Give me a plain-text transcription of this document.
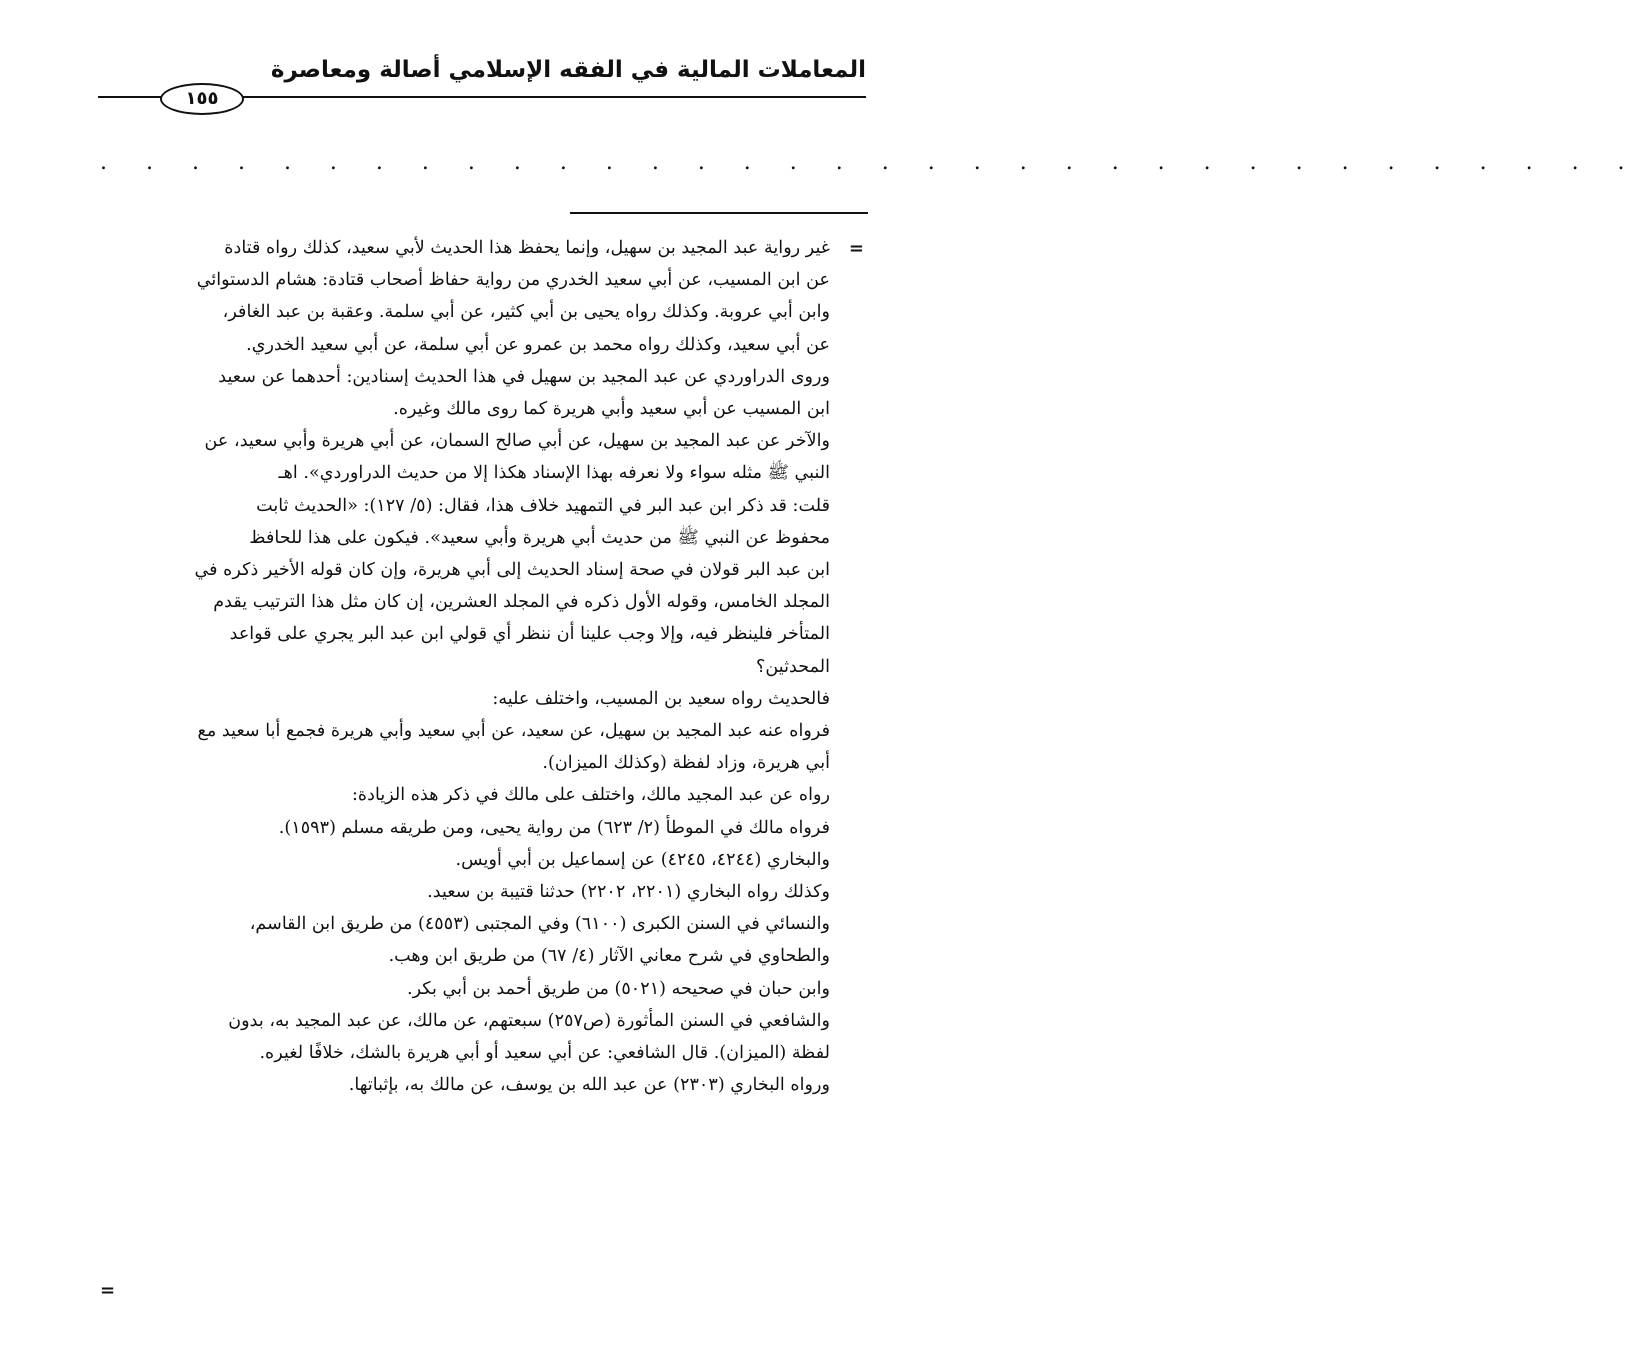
المعاملات المالية في الفقه الإسلامي أصالة ومعاصرة
١٥٥
. . . . . . . . . . . . . . . . . . . . . . . . . . . . . . . . . .
=
غير رواية عبد المجيد بن سهيل، وإنما يحفظ هذا الحديث لأبي سعيد، كذلك رواه قتادة
عن ابن المسيب، عن أبي سعيد الخدري من رواية حفاظ أصحاب قتادة: هشام الدستوائي
وابن أبي عروبة. وكذلك رواه يحيى بن أبي كثير، عن أبي سلمة. وعقبة بن عبد الغافر،
عن أبي سعيد، وكذلك رواه محمد بن عمرو عن أبي سلمة، عن أبي سعيد الخدري.
وروى الدراوردي عن عبد المجيد بن سهيل في هذا الحديث إسنادين: أحدهما عن سعيد
ابن المسيب عن أبي سعيد وأبي هريرة كما روى مالك وغيره.
والآخر عن عبد المجيد بن سهيل، عن أبي صالح السمان، عن أبي هريرة وأبي سعيد، عن
النبي ﷺ مثله سواء ولا نعرفه بهذا الإسناد هكذا إلا من حديث الدراوردي». اهـ
قلت: قد ذكر ابن عبد البر في التمهيد خلاف هذا، فقال: (٥/ ١٢٧): «الحديث ثابت
محفوظ عن النبي ﷺ من حديث أبي هريرة وأبي سعيد». فيكون على هذا للحافظ
ابن عبد البر قولان في صحة إسناد الحديث إلى أبي هريرة، وإن كان قوله الأخير ذكره في
المجلد الخامس، وقوله الأول ذكره في المجلد العشرين، إن كان مثل هذا الترتيب يقدم
المتأخر فلينظر فيه، وإلا وجب علينا أن ننظر أي قولي ابن عبد البر يجري على قواعد
المحدثين؟
فالحديث رواه سعيد بن المسيب، واختلف عليه:
فرواه عنه عبد المجيد بن سهيل، عن سعيد، عن أبي سعيد وأبي هريرة فجمع أبا سعيد مع
أبي هريرة، وزاد لفظة (وكذلك الميزان).
رواه عن عبد المجيد مالك، واختلف على مالك في ذكر هذه الزيادة:
فرواه مالك في الموطأ (٢/ ٦٢٣) من رواية يحيى، ومن طريقه مسلم (١٥٩٣).
والبخاري (٤٢٤٤، ٤٢٤٥) عن إسماعيل بن أبي أويس.
وكذلك رواه البخاري (٢٢٠١، ٢٢٠٢) حدثنا قتيبة بن سعيد.
والنسائي في السنن الكبرى (٦١٠٠) وفي المجتبى (٤٥٥٣) من طريق ابن القاسم،
والطحاوي في شرح معاني الآثار (٤/ ٦٧) من طريق ابن وهب.
وابن حبان في صحيحه (٥٠٢١) من طريق أحمد بن أبي بكر.
والشافعي في السنن المأثورة (ص٢٥٧) سبعتهم، عن مالك، عن عبد المجيد به، بدون
لفظة (الميزان). قال الشافعي: عن أبي سعيد أو أبي هريرة بالشك، خلافًا لغيره.
ورواه البخاري (٢٣٠٣) عن عبد الله بن يوسف، عن مالك به، بإثباتها.
=
